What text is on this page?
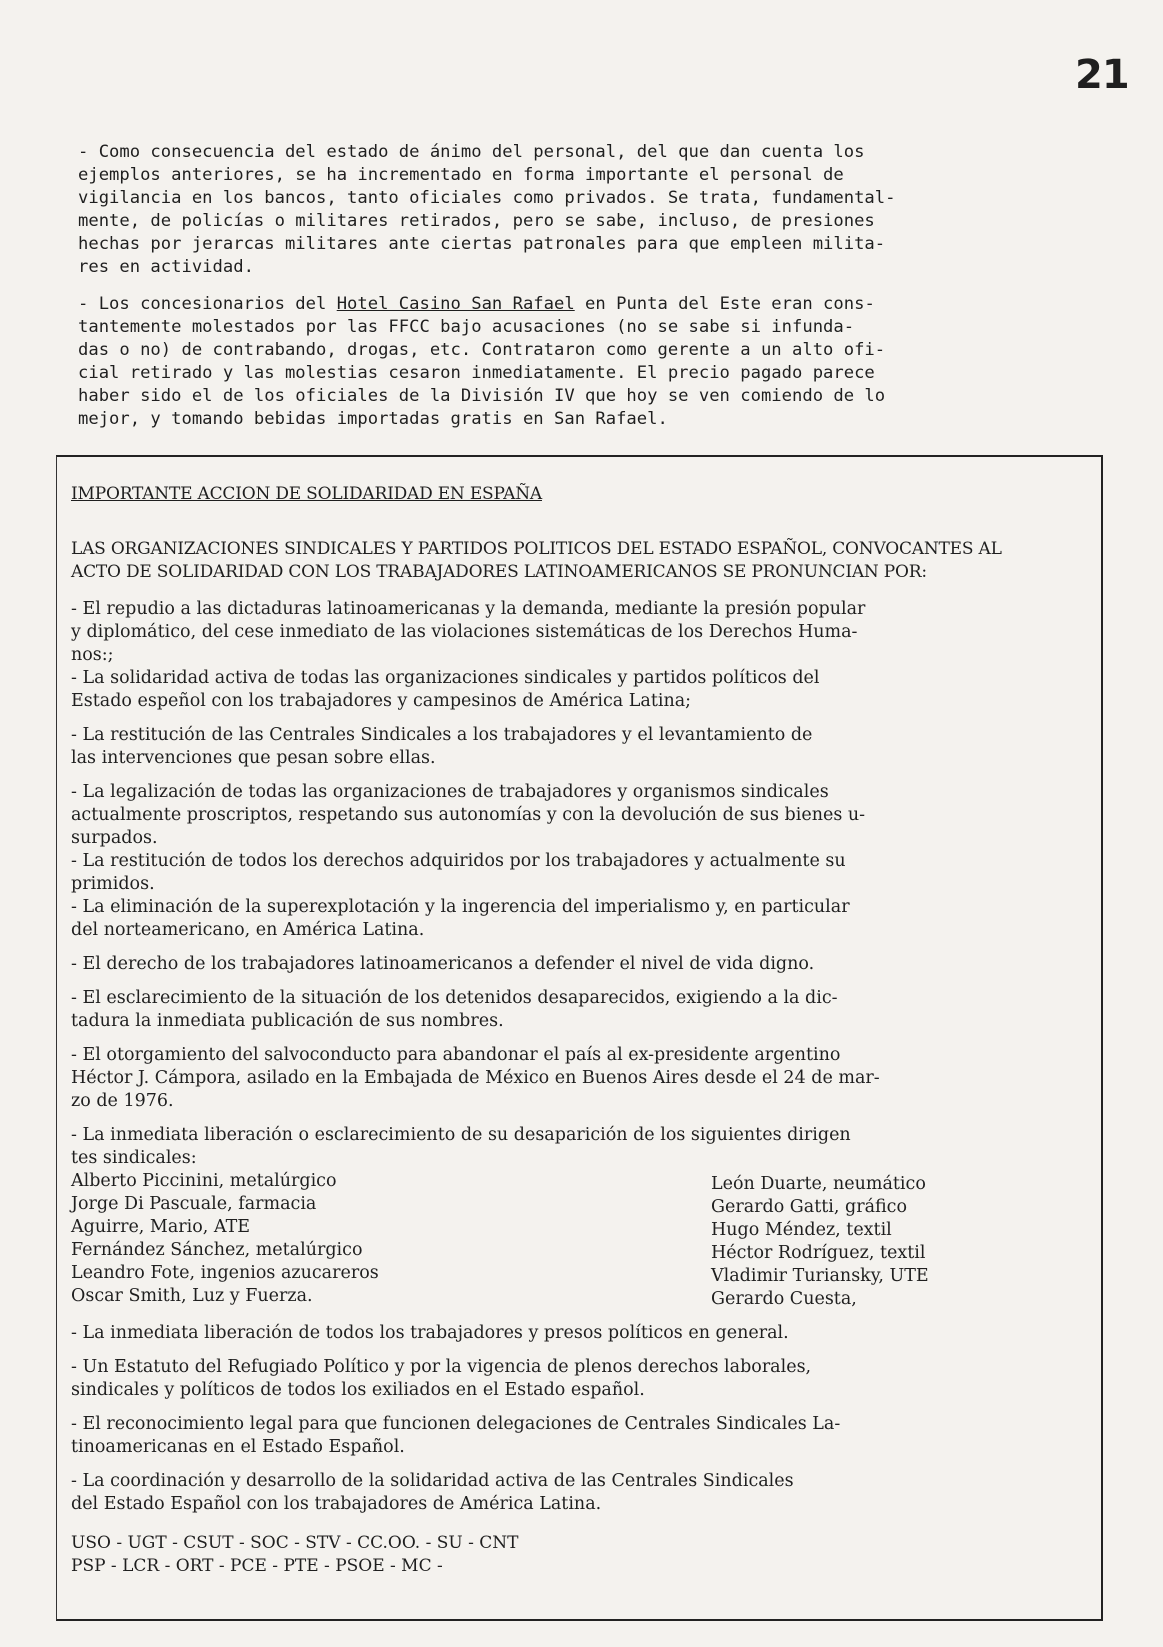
21

- Como consecuencia del estado de ánimo del personal, del que dan cuenta los
ejemplos anteriores, se ha incrementado en forma importante el personal de
vigilancia en los bancos, tanto oficiales como privados. Se trata, fundamental-
mente, de policías o militares retirados, pero se sabe, incluso, de presiones
hechas por jerarcas militares ante ciertas patronales para que empleen milita-
res en actividad.

- Los concesionarios del Hotel Casino San Rafael en Punta del Este eran cons-
tantemente molestados por las FFCC bajo acusaciones (no se sabe si infunda-
das o no) de contrabando, drogas, etc. Contrataron como gerente a un alto ofi-
cial retirado y las molestias cesaron inmediatamente. El precio pagado parece
haber sido el de los oficiales de la División IV que hoy se ven comiendo de lo
mejor, y tomando bebidas importadas gratis en San Rafael.

IMPORTANTE ACCION DE SOLIDARIDAD EN ESPAÑA
LAS ORGANIZACIONES SINDICALES Y PARTIDOS POLITICOS DEL ESTADO ESPAÑOL, CONVOCANTES AL
ACTO DE SOLIDARIDAD CON LOS TRABAJADORES LATINOAMERICANOS SE PRONUNCIAN POR:
- El repudio a las dictaduras latinoamericanas y la demanda, mediante la presión popular
y diplomático, del cese inmediato de las violaciones sistemáticas de los Derechos Huma-
nos:;
- La solidaridad activa de todas las organizaciones sindicales y partidos políticos del
Estado espeñol con los trabajadores y campesinos de América Latina;
- La restitución de las Centrales Sindicales a los trabajadores y el levantamiento de
las intervenciones que pesan sobre ellas.
- La legalización de todas las organizaciones de trabajadores y organismos sindicales
actualmente proscriptos, respetando sus autonomías y con la devolución de sus bienes u-
surpados.
- La restitución de todos los derechos adquiridos por los trabajadores y actualmente su
primidos.
- La eliminación de la superexplotación y la ingerencia del imperialismo y, en particular
del norteamericano, en América Latina.
- El derecho de los trabajadores latinoamericanos a defender el nivel de vida digno.
- El esclarecimiento de la situación de los detenidos desaparecidos, exigiendo a la dic-
tadura la inmediata publicación de sus nombres.
- El otorgamiento del salvoconducto para abandonar el país al ex-presidente argentino
Héctor J. Cámpora, asilado en la Embajada de México en Buenos Aires desde el 24 de mar-
zo de 1976.
- La inmediata liberación o esclarecimiento de su desaparición de los siguientes dirigen
tes sindicales:
Alberto Piccinini, metalúrgico
Jorge Di Pascuale, farmacia
Aguirre, Mario, ATE
Fernández Sánchez, metalúrgico
Leandro Fote, ingenios azucareros
Oscar Smith, Luz y Fuerza.
León Duarte, neumático
Gerardo Gatti, gráfico
Hugo Méndez, textil
Héctor Rodríguez, textil
Vladimir Turiansky, UTE
Gerardo Cuesta,
- La inmediata liberación de todos los trabajadores y presos políticos en general.
- Un Estatuto del Refugiado Político y por la vigencia de plenos derechos laborales,
sindicales y políticos de todos los exiliados en el Estado español.
- El reconocimiento legal para que funcionen delegaciones de Centrales Sindicales La-
tinoamericanas en el Estado Español.
- La coordinación y desarrollo de la solidaridad activa de las Centrales Sindicales
del Estado Español con los trabajadores de América Latina.
USO - UGT - CSUT - SOC - STV - CC.OO. - SU - CNT
PSP - LCR - ORT - PCE - PTE - PSOE - MC -
